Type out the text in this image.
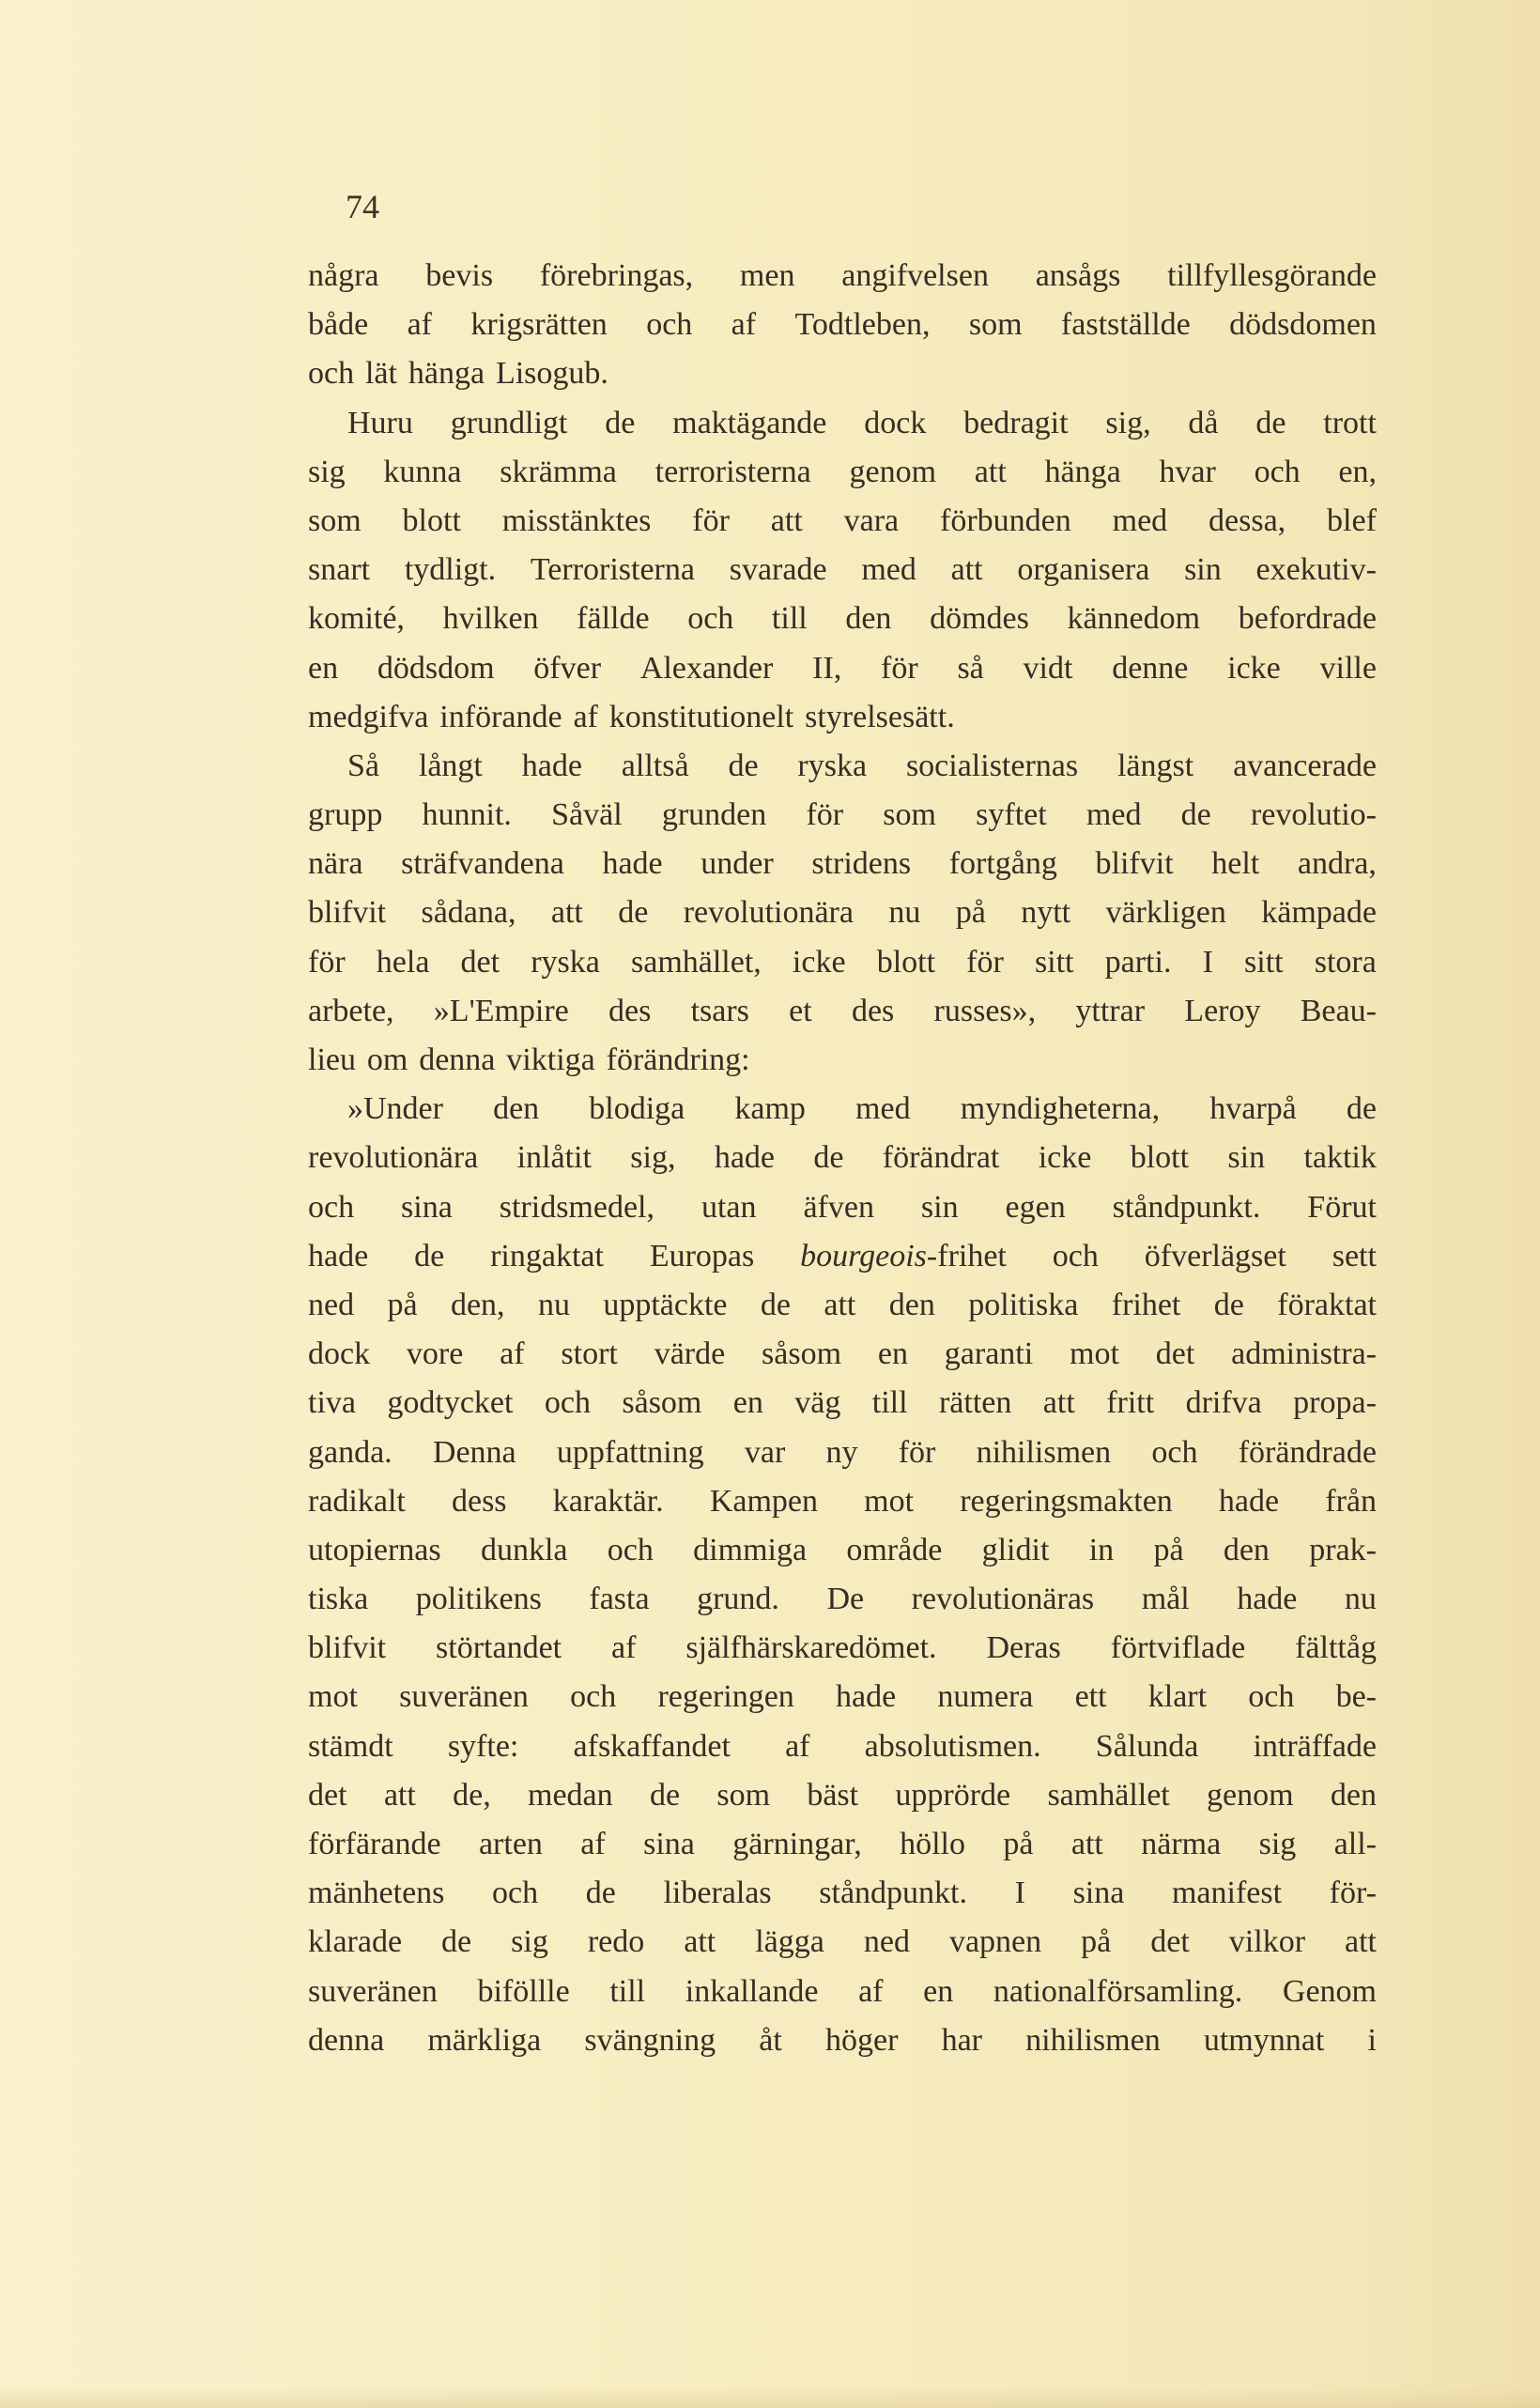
74
några bevis förebringas, men angifvelsen ansågs tillfyllesgörande
både af krigsrätten och af Todtleben, som fastställde dödsdomen
och lät hänga Lisogub.
Huru grundligt de maktägande dock bedragit sig, då de trott
sig kunna skrämma terroristerna genom att hänga hvar och en,
som blott misstänktes för att vara förbunden med dessa, blef
snart tydligt. Terroristerna svarade med att organisera sin exekutiv-
komité, hvilken fällde och till den dömdes kännedom befordrade
en dödsdom öfver Alexander II, för så vidt denne icke ville
medgifva införande af konstitutionelt styrelsesätt.
Så långt hade alltså de ryska socialisternas längst avancerade
grupp hunnit. Såväl grunden för som syftet med de revolutio-
nära sträfvandena hade under stridens fortgång blifvit helt andra,
blifvit sådana, att de revolutionära nu på nytt värkligen kämpade
för hela det ryska samhället, icke blott för sitt parti. I sitt stora
arbete, »L'Empire des tsars et des russes», yttrar Leroy Beau-
lieu om denna viktiga förändring:
»Under den blodiga kamp med myndigheterna, hvarpå de
revolutionära inlåtit sig, hade de förändrat icke blott sin taktik
och sina stridsmedel, utan äfven sin egen ståndpunkt. Förut
hade de ringaktat Europas bourgeois-frihet och öfverlägset sett
ned på den, nu upptäckte de att den politiska frihet de föraktat
dock vore af stort värde såsom en garanti mot det administra-
tiva godtycket och såsom en väg till rätten att fritt drifva propa-
ganda. Denna uppfattning var ny för nihilismen och förändrade
radikalt dess karaktär. Kampen mot regeringsmakten hade från
utopiernas dunkla och dimmiga område glidit in på den prak-
tiska politikens fasta grund. De revolutionäras mål hade nu
blifvit störtandet af själfhärskaredömet. Deras förtviflade fälttåg
mot suveränen och regeringen hade numera ett klart och be-
stämdt syfte: afskaffandet af absolutismen. Sålunda inträffade
det att de, medan de som bäst upprörde samhället genom den
förfärande arten af sina gärningar, höllo på att närma sig all-
mänhetens och de liberalas ståndpunkt. I sina manifest för-
klarade de sig redo att lägga ned vapnen på det vilkor att
suveränen biföllle till inkallande af en nationalförsamling. Genom
denna märkliga svängning åt höger har nihilismen utmynnat i
